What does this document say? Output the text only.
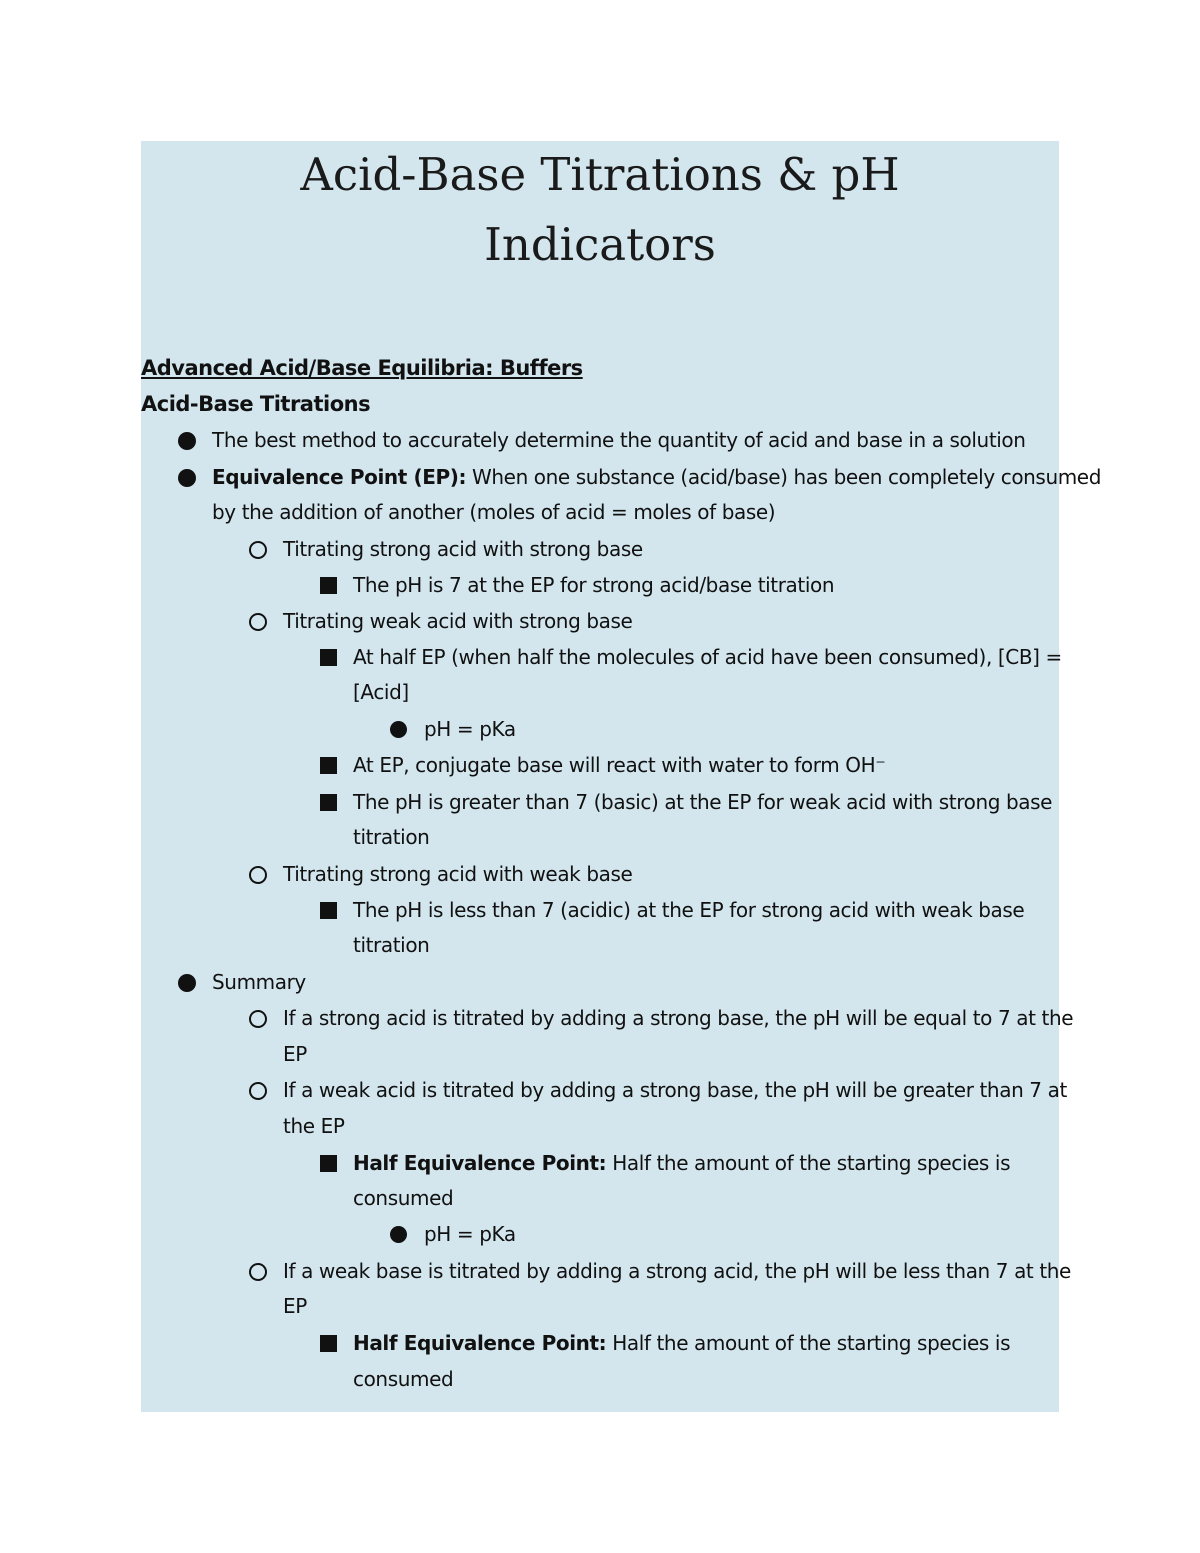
Acid-Base Titrations & pH
Indicators
Advanced Acid/Base Equilibria: Buffers
Acid-Base Titrations

The best method to accurately determine the quantity of acid and base in a solution

Equivalence Point (EP): When one substance (acid/base) has been completely consumed

by the addition of another (moles of acid = moles of base)

Titrating strong acid with strong base

The pH is 7 at the EP for strong acid/base titration

Titrating weak acid with strong base

At half EP (when half the molecules of acid have been consumed), [CB] =

[Acid]

pH = pKa

At EP, conjugate base will react with water to form OH⁻

The pH is greater than 7 (basic) at the EP for weak acid with strong base

titration

Titrating strong acid with weak base

The pH is less than 7 (acidic) at the EP for strong acid with weak base

titration

Summary

If a strong acid is titrated by adding a strong base, the pH will be equal to 7 at the

EP

If a weak acid is titrated by adding a strong base, the pH will be greater than 7 at

the EP

Half Equivalence Point: Half the amount of the starting species is

consumed

pH = pKa

If a weak base is titrated by adding a strong acid, the pH will be less than 7 at the

EP

Half Equivalence Point: Half the amount of the starting species is

consumed
